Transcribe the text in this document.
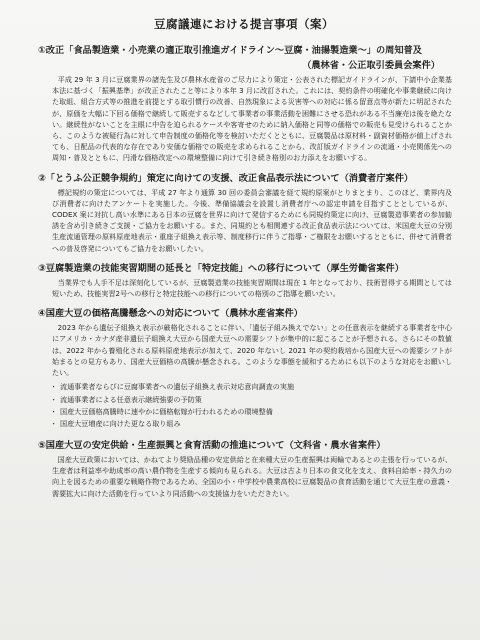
豆腐議連における提言事項（案）
①改正「食品製造業・小売業の適正取引推進ガイドライン～豆腐・油揚製造業～」の周知普及
（農林省・公正取引委員会案件）

平成 29 年 3 月に豆腐業界の諸先生及び農林水産省のご尽力により策定・公表された標記ガイドラインが、下請中小企業基本法に基づく「振興基準」が改正されたこと等により本年 3 月に改訂された。これには、契約条件の明確化や事業継続に向けた取組、組合方式等の推進を前提とする取引慣行の改善、自然現象による災害等への対応に係る留意点等が新たに明記されたが、原価を大幅に下回る価格で継続して販売するなどして事業者の事業活動を困難にさせる恐れがある不当廉売は後を絶たない。継続性がないことを主眼に中告を迫られるケースや客寄せのために納入価格と同等の価格での販売も見受けられることから、このような被疑行為に対して申告制度の価格化等を検討いただくとともに、豆腐製品は原材料・副資材価格が値上げされても、日配品の代表的な存在であり安価な価格での販売を求められることから、改訂版ガイドラインの流通・小売関係先への周知・普及とともに、円滑な価格改定への環境整備に向けて引き続き格別のお力添えをお願いする。

②「とうふ公正競争規約」策定に向けての支援、改正食品表示法について（消費者庁案件）

標記規約の策定については、平成 27 年より通算 30 回の委員会審議を経て規約原案がとりまとまり、このほど、業界内及び消費者に向けたアンケートを実施した。今後、準備協議会を設置し消費者庁への認定申請を目指すこととしているが、CODEX 案に対抗し高い水準にある日本の豆腐を世界に向けて発信するためにも同規約策定に向け、豆腐製造事業者の参加勧誘を含め引き続きご支援・ご協力をお願いする。また、同規約とも相関連する改正食品表示法については、米国産大豆の分別生産流通管理の原料原産地表示・重座子組換え表示等、制度移行に伴うご指導・ご権限をお願いするとともに、併せて消費者への普及啓発についてもご協力をお願いしたい。

③豆腐製造業の技能実習期間の延長と「特定技能」への移行について（厚生労働省案件）

当業界でも人手不足は深刻化しているが、豆腐製造業の技能実習期間は現在 1 年となっており、技術習得する期間としては短いため、技能実習2号への移行と特定技能への移行についての格別のご指導を願いたい。

④国産大豆の価格高騰懸念への対応について（農林水産省案件）

2023 年から遺伝子組換え表示が厳格化されることに伴い、「遺伝子組み換えでない」との任意表示を継続する事業者を中心にアメリカ・カナダ産非遺伝子組換え大豆から国産大豆への需要シフトが集中的に起こることが予想される。さらにその数値は、2022 年から養殖化される原料原産地表示が加えて、2020 年ないし 2021 年の契約栽培から国産大豆への需要シフトが始まるとの見方もあり、国産大豆価格の高騰が懸念される。このような事態を緩和するためにも以下のような対応をお願いしたい。

・ 流通事業者ならびに豆腐事業者への遺伝子組換え表示対応意向調査の実施
・ 流通事業者による任意表示継続強要の予防策
・ 国産大豆価格高騰時に速やかに価格転嫁が行われるための環境整備
・ 国産大豆増産に向けた更なる取り組み
⑤国産大豆の安定供給・生産振興と食育活動の推進について（文科省・農水省案件）

国産大豆政策においては、かねてより奨励品種の安定供給と在来種大豆の生産振興は両輪であるとの主張を行っているが、生産者は利益率や助成率の高い農作物を生産する傾向も見られる。大豆は古より日本の食文化を支え、食料自給率・持久力の向上を図るための重要な戦略作物であるため、全国の小・中学校や農業高校に豆腐製品の食育活動を通じて大豆生産の意義・需要拡大に向けた活動を行っていより同活動への支援協力をいただきたい。
